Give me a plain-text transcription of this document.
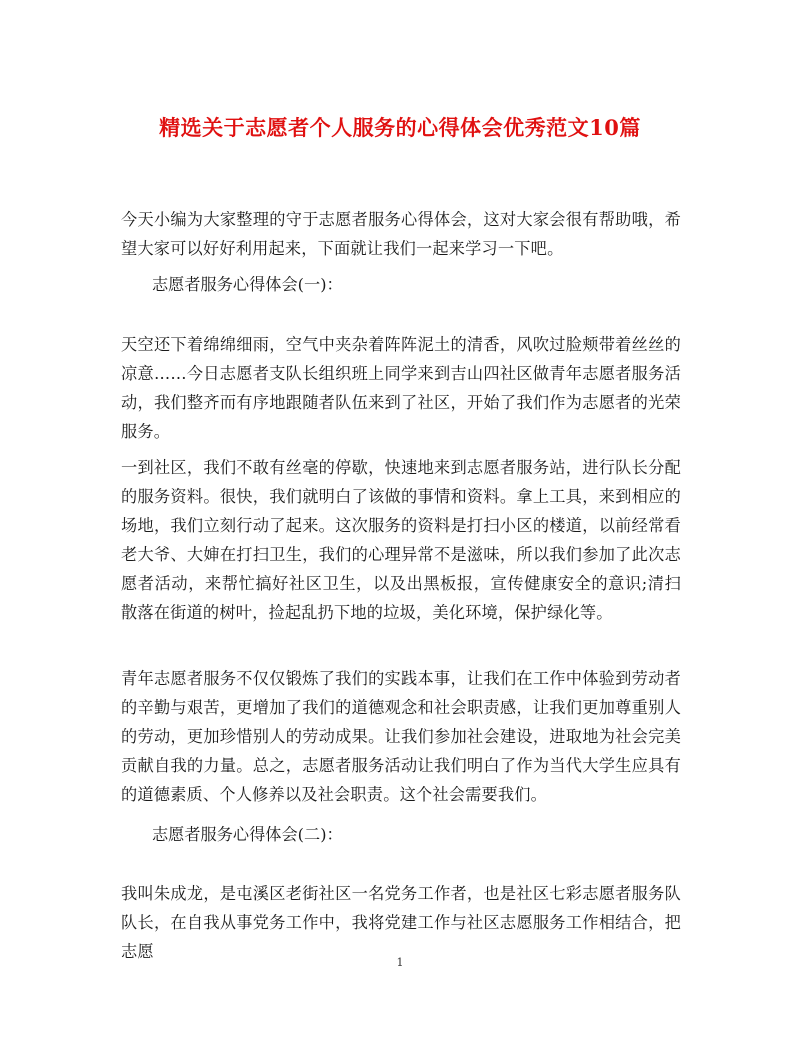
精选关于志愿者个人服务的心得体会优秀范文10篇

今天小编为大家整理的守于志愿者服务心得体会，这对大家会很有帮助哦，希望大家可以好好利用起来，下面就让我们一起来学习一下吧。

志愿者服务心得体会(一)：

天空还下着绵绵细雨，空气中夹杂着阵阵泥土的清香，风吹过脸颊带着丝丝的凉意……今日志愿者支队长组织班上同学来到吉山四社区做青年志愿者服务活动，我们整齐而有序地跟随者队伍来到了社区，开始了我们作为志愿者的光荣服务。

一到社区，我们不敢有丝毫的停歇，快速地来到志愿者服务站，进行队长分配的服务资料。很快，我们就明白了该做的事情和资料。拿上工具，来到相应的场地，我们立刻行动了起来。这次服务的资料是打扫小区的楼道，以前经常看老大爷、大婶在打扫卫生，我们的心理异常不是滋味，所以我们参加了此次志愿者活动，来帮忙搞好社区卫生，以及出黑板报，宣传健康安全的意识;清扫散落在街道的树叶，捡起乱扔下地的垃圾，美化环境，保护绿化等。

青年志愿者服务不仅仅锻炼了我们的实践本事，让我们在工作中体验到劳动者的辛勤与艰苦，更增加了我们的道德观念和社会职责感，让我们更加尊重别人的劳动，更加珍惜别人的劳动成果。让我们参加社会建设，进取地为社会完美贡献自我的力量。总之，志愿者服务活动让我们明白了作为当代大学生应具有的道德素质、个人修养以及社会职责。这个社会需要我们。

志愿者服务心得体会(二)：

我叫朱成龙，是屯溪区老街社区一名党务工作者，也是社区七彩志愿者服务队队长，在自我从事党务工作中，我将党建工作与社区志愿服务工作相结合，把志愿

1
